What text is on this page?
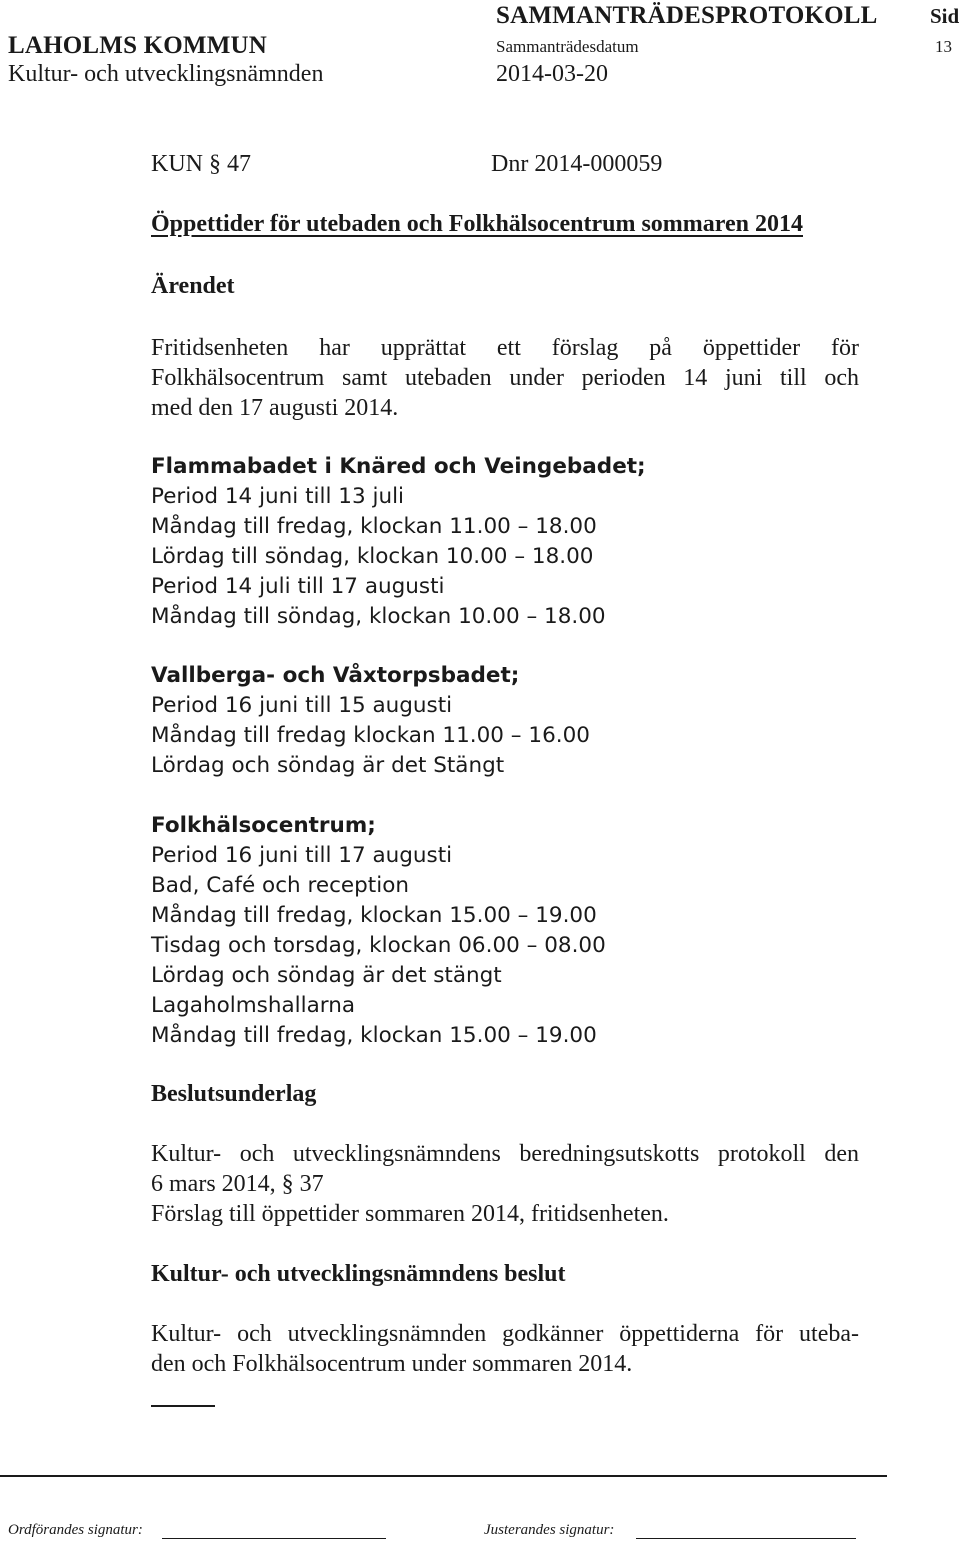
SAMMANTRÄDESPROTOKOLL Sid
LAHOLMS KOMMUN	Sammanträdesdatum	13
Kultur- och utvecklingsnämnden	2014-03-20
KUN § 47	Dnr 2014-000059
Öppettider för utebaden och Folkhälsocentrum sommaren 2014
Ärendet
Fritidsenheten har upprättat ett förslag på öppettider för
Folkhälsocentrum samt utebaden under perioden 14 juni till och
med den 17 augusti 2014.
Flammabadet i Knäred och Veingebadet;
Period 14 juni till 13 juli
Måndag till fredag, klockan 11.00 – 18.00
Lördag till söndag, klockan 10.00 – 18.00
Period 14 juli till 17 augusti
Måndag till söndag, klockan 10.00 – 18.00
Vallberga- och Våxtorpsbadet;
Period 16 juni till 15 augusti
Måndag till fredag klockan 11.00 – 16.00
Lördag och söndag är det Stängt
Folkhälsocentrum;
Period 16 juni till 17 augusti
Bad, Café och reception
Måndag till fredag, klockan 15.00 – 19.00
Tisdag och torsdag, klockan 06.00 – 08.00
Lördag och söndag är det stängt
Lagaholmshallarna
Måndag till fredag, klockan 15.00 – 19.00
Beslutsunderlag
Kultur- och utvecklingsnämndens beredningsutskotts protokoll den
6 mars 2014, § 37
Förslag till öppettider sommaren 2014, fritidsenheten.
Kultur- och utvecklingsnämndens beslut
Kultur- och utvecklingsnämnden godkänner öppettiderna för uteba-
den och Folkhälsocentrum under sommaren 2014.
Ordförandes signatur:	Justerandes signatur:
